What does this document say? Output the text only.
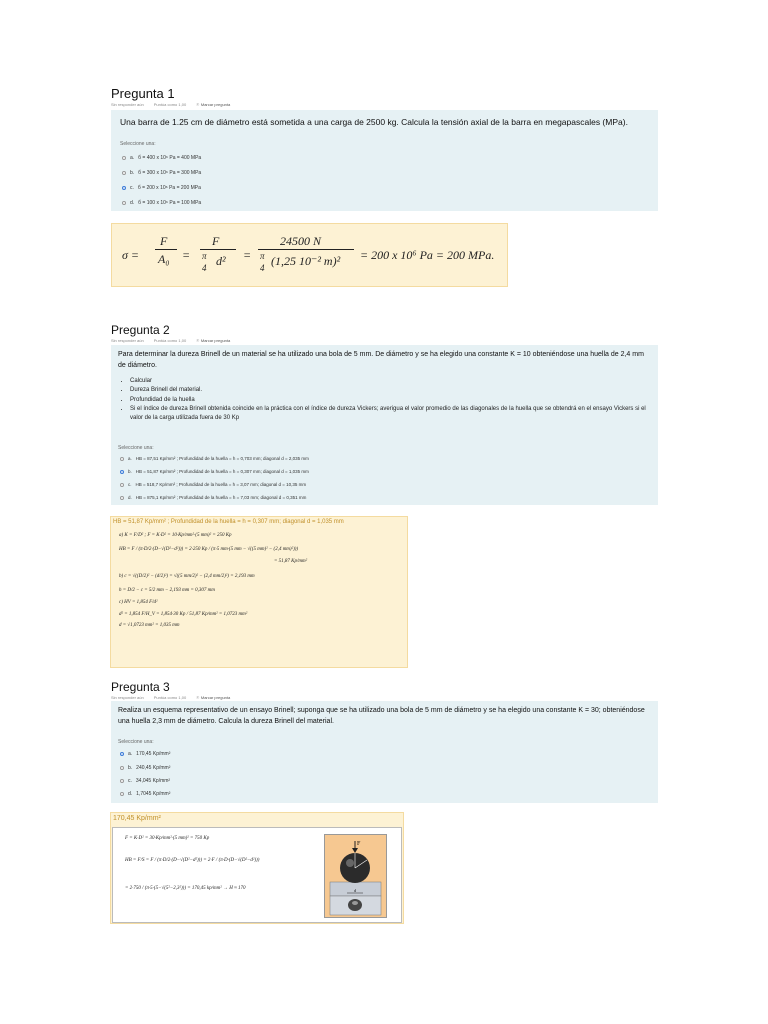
Pregunta 1
Sin responder aún	Puntúa como 1,00	⚐ Marcar pregunta
Una barra de 1.25 cm de diámetro está sometida a una carga de 2500 kg. Calcula la tensión axial de la barra en megapascales (MPa).
Seleccione una:
a. б = 400 x 10⁶ Pa = 400 MPa
b. б = 300 x 10⁶ Pa = 300 MPa
c. б = 200 x 10⁶ Pa = 200 MPa
d. б = 100 x 10⁶ Pa = 100 MPa
σ =
F
A₀ =
F
π
4 d² =
24500 N
π
4 (1,25 10⁻² m)² = 200 x 10⁶ Pa = 200 MPa.
Pregunta 2
Sin responder aún	Puntúa como 1,00	⚐ Marcar pregunta
Para determinar la dureza Brinell de un material se ha utilizado una bola de 5 mm. De diámetro y se ha elegido una constante K = 10 obteniéndose una huella de 2,4 mm de diámetro.
• Calcular
• Dureza Brinell del material.
• Profundidad de la huella
• Si el índice de dureza Brinell obtenida coincide en la práctica con el índice de dureza Vickers; averigua el valor promedio de las diagonales de la huella que se obtendrá en el ensayo Vickers si el valor de la carga utilizada fuera de 30 Kp
Seleccione una:
a. HB = 87,51 Kp/mm² ; Profundidad de la huella = h = 0,703 mm; diagonal d = 2,035 mm
b. HB = 51,87 Kp/mm² ; Profundidad de la huella = h = 0,307 mm; diagonal d = 1,035 mm
c. HB = 518,7 Kp/mm² ; Profundidad de la huella = h = 3,07 mm; diagonal d = 10,35 mm
d. HB = 875,1 Kp/mm² ; Profundidad de la huella = h = 7,03 mm; diagonal d = 0,351 mm
HB = 51,87 Kp/mm² ; Profundidad de la huella = h = 0,307 mm; diagonal d = 1,035 mm
a) K = F/D² ; F = K·D² = 10·Kp/mm²·(5 mm)² = 250 Kp
HB = F / (π·D/2·(D−√(D²−d²))) = 2·250 Kp / (π·5 mm·(5 mm − √((5 mm)² − (2,4 mm)²)))
= 51,87 Kp/mm²
b) c = √((D/2)² − (d/2)²) = √((5 mm/2)² − (2,4 mm/2)²) = 2,193 mm
h = D/2 − c = 5/2 mm − 2,193 mm = 0,307 mm
c) HV = 1,854 F/d²
d² = 1,854 F/H_V = 1,854·30 Kp / 51,87 Kp/mm² = 1,0723 mm²
d = √1,0723 mm² = 1,035 mm
Pregunta 3
Sin responder aún	Puntúa como 1,00	⚐ Marcar pregunta
Realiza un esquema representativo de un ensayo Brinell; suponga que se ha utilizado una bola de 5 mm de diámetro y se ha elegido una constante K = 30; obteniéndose una huella 2,3 mm de diámetro. Calcula la dureza Brinell del material.
Seleccione una:
a. 170,45 Kp/mm²
b. 240,45 Kp/mm²
c. 34,045 Kp/mm²
d. 1,7045 Kp/mm²
170,45 Kp/mm²
F = K·D² = 30·Kp/mm²·(5 mm)² = 750 Kp
HB = F/S = F / (π·D/2·(D−√(D²−d²))) = 2·F / (π·D·(D−√(D²−d²)))
= 2·750 / (π·5·(5−√(5²−2,3²))) = 170,45 kp/mm² → H ≈ 170
F
d
